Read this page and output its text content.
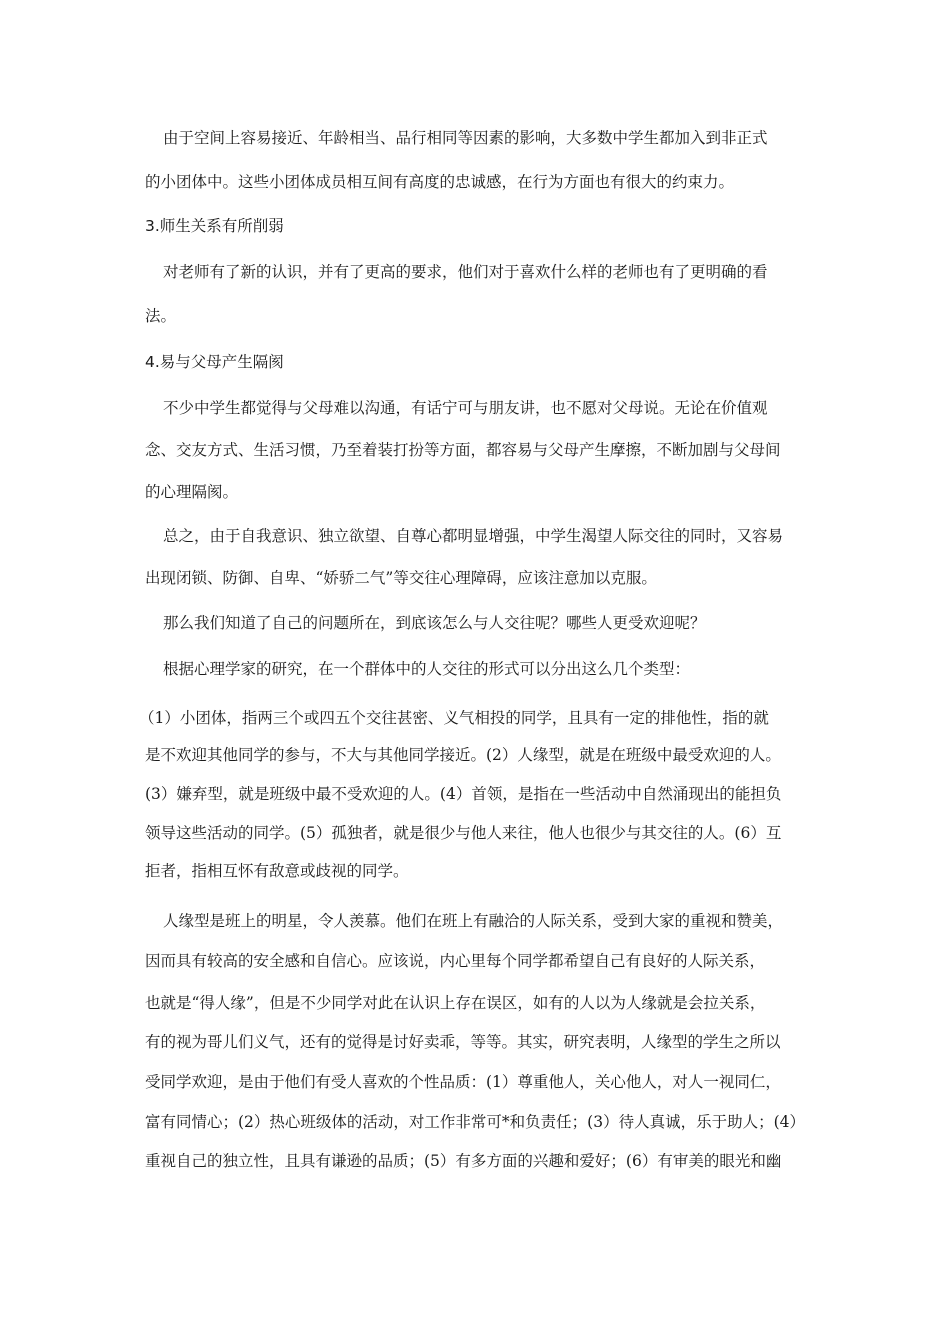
由于空间上容易接近、年龄相当、品行相同等因素的影响，大多数中学生都加入到非正式
的小团体中。这些小团体成员相互间有高度的忠诚感，在行为方面也有很大的约束力。
3.师生关系有所削弱
对老师有了新的认识，并有了更高的要求，他们对于喜欢什么样的老师也有了更明确的看
法。
4.易与父母产生隔阂
不少中学生都觉得与父母难以沟通，有话宁可与朋友讲，也不愿对父母说。无论在价值观
念、交友方式、生活习惯，乃至着装打扮等方面，都容易与父母产生摩擦，不断加剧与父母间
的心理隔阂。
总之，由于自我意识、独立欲望、自尊心都明显增强，中学生渴望人际交往的同时，又容易
出现闭锁、防御、自卑、“娇骄二气”等交往心理障碍，应该注意加以克服。
那么我们知道了自己的问题所在，到底该怎么与人交往呢？哪些人更受欢迎呢？
根据心理学家的研究，在一个群体中的人交往的形式可以分出这么几个类型：
（1）小团体，指两三个或四五个交往甚密、义气相投的同学，且具有一定的排他性，指的就
是不欢迎其他同学的参与，不大与其他同学接近。(2）人缘型，就是在班级中最受欢迎的人。
(3）嫌弃型，就是班级中最不受欢迎的人。(4）首领，是指在一些活动中自然涌现出的能担负
领导这些活动的同学。(5）孤独者，就是很少与他人来往，他人也很少与其交往的人。(6）互
拒者，指相互怀有敌意或歧视的同学。
人缘型是班上的明星，令人羡慕。他们在班上有融洽的人际关系，受到大家的重视和赞美，
因而具有较高的安全感和自信心。应该说，内心里每个同学都希望自己有良好的人际关系，
也就是“得人缘”，但是不少同学对此在认识上存在误区，如有的人以为人缘就是会拉关系，
有的视为哥儿们义气，还有的觉得是讨好卖乖，等等。其实，研究表明，人缘型的学生之所以
受同学欢迎，是由于他们有受人喜欢的个性品质：(1）尊重他人，关心他人，对人一视同仁，
富有同情心；(2）热心班级体的活动，对工作非常可*和负责任；(3）待人真诚，乐于助人；(4）
重视自己的独立性，且具有谦逊的品质；(5）有多方面的兴趣和爱好；(6）有审美的眼光和幽
